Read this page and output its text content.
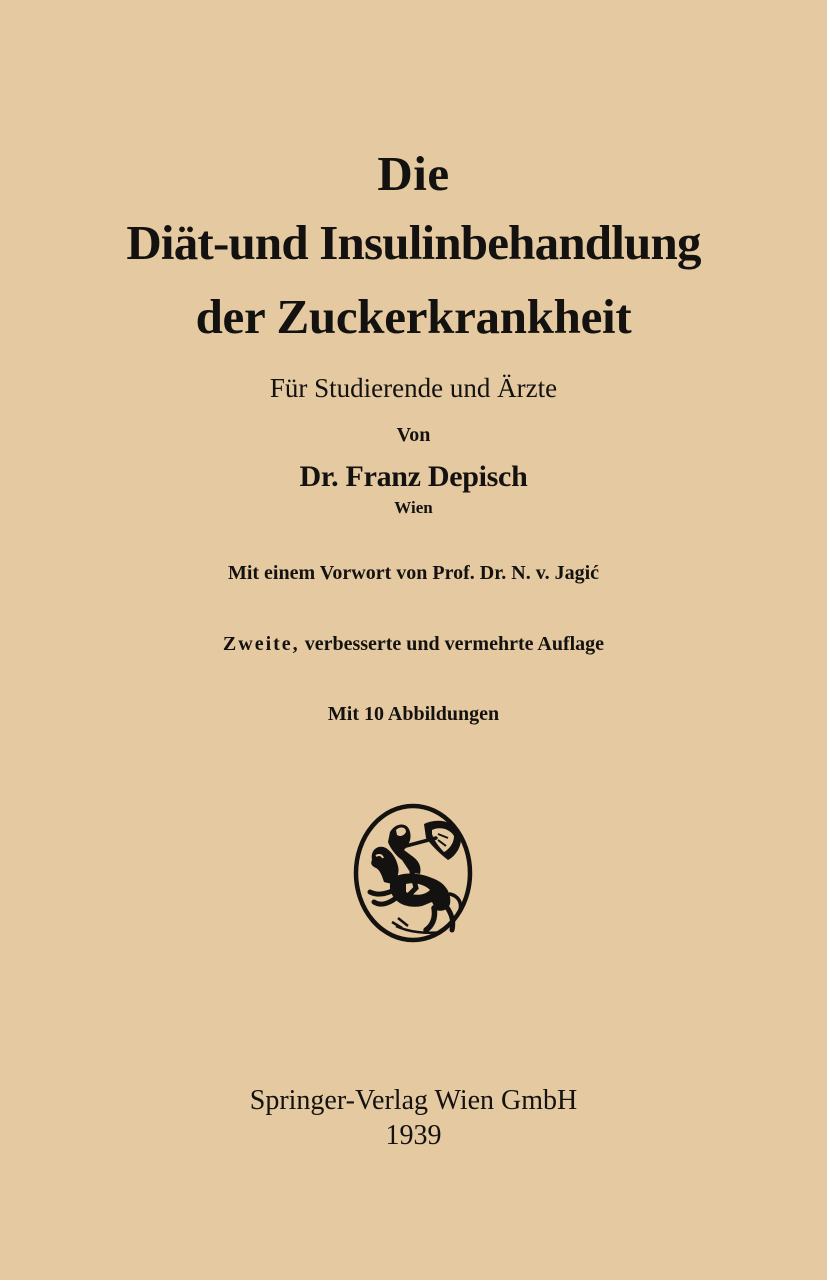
Die
Diät-und Insulinbehandlung
der Zuckerkrankheit
Für Studierende und Ärzte
Von
Dr. Franz Depisch
Wien
Mit einem Vorwort von Prof. Dr. N. v. Jagić
Zweite, verbesserte und vermehrte Auflage
Mit 10 Abbildungen
Springer-Verlag Wien GmbH
1939
